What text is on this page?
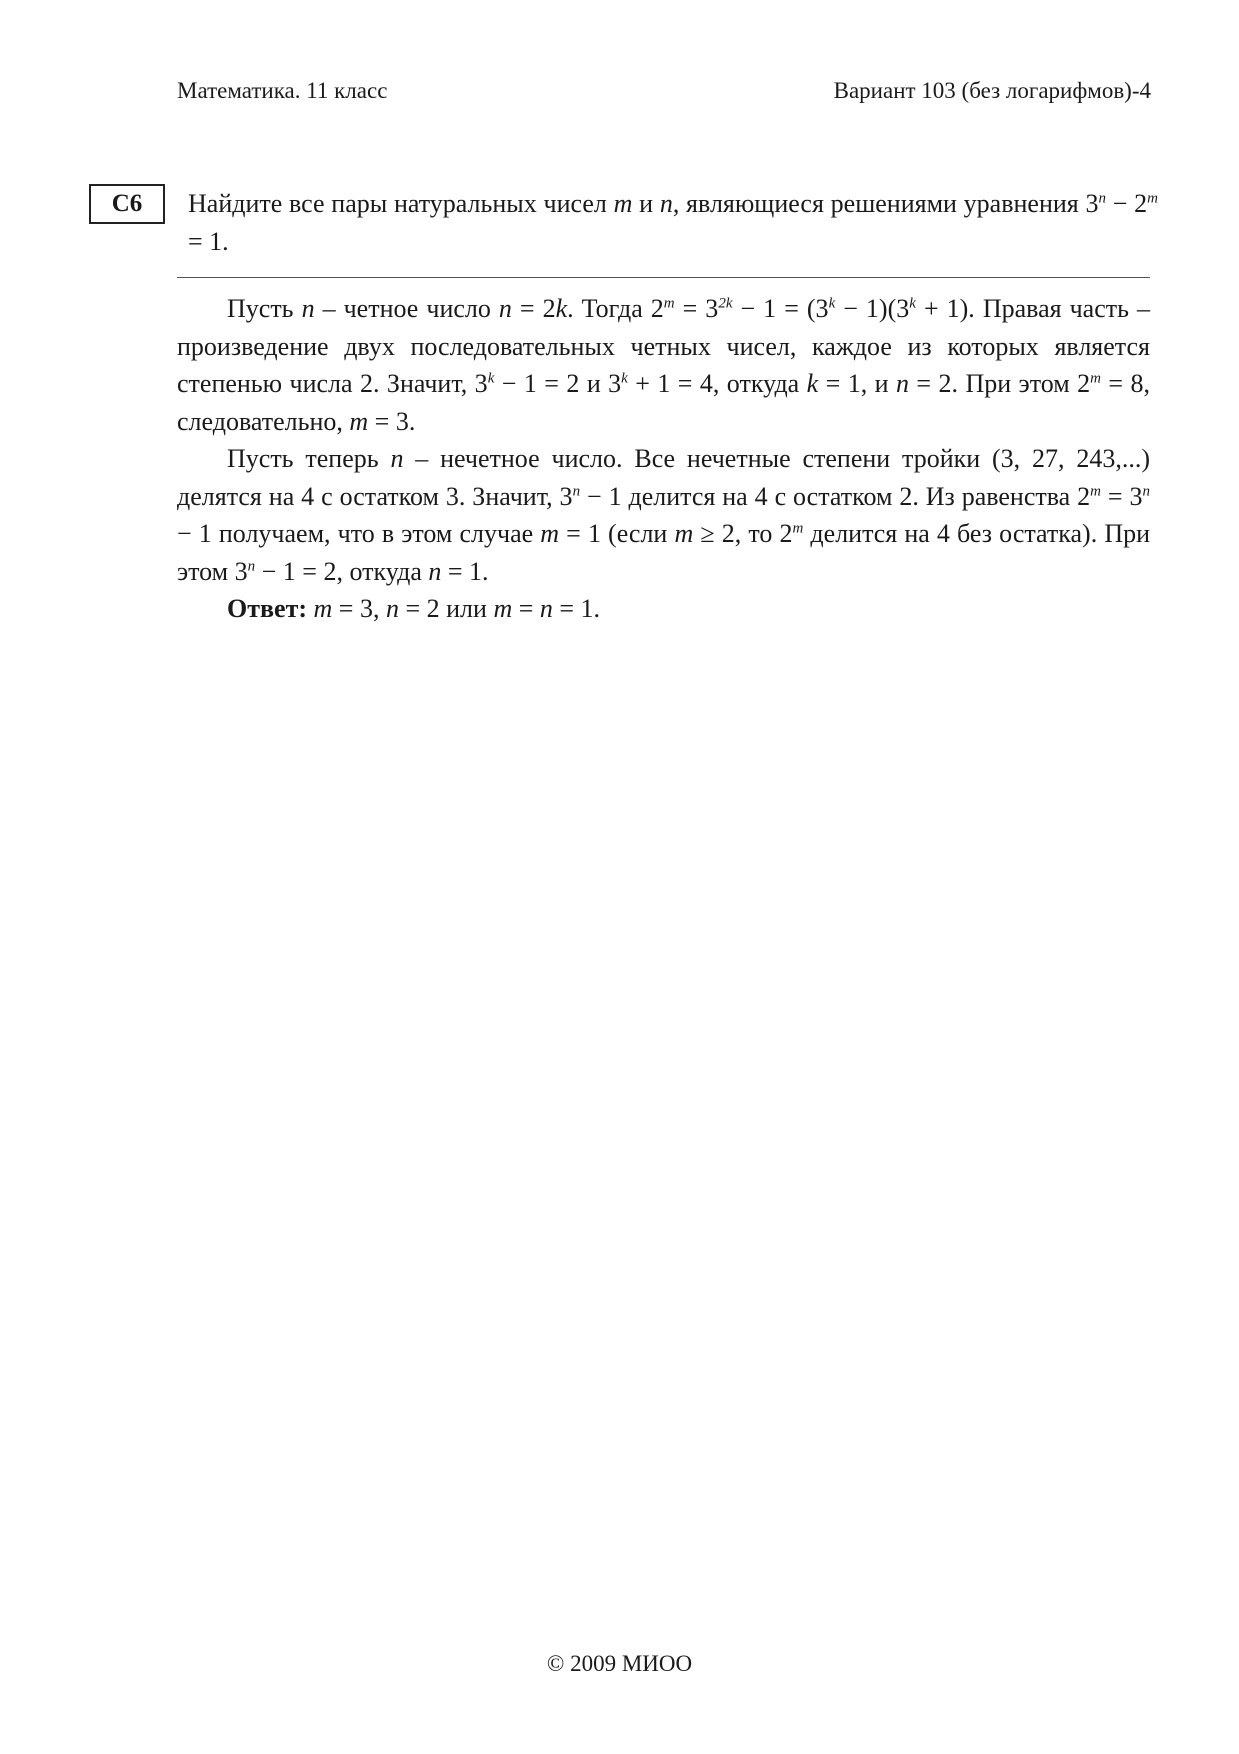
Математика. 11 класс	Вариант 103 (без логарифмов)-4
C6	Найдите все пары натуральных чисел m и n, являющиеся решениями уравнения $3^n - 2^m = 1$.

Пусть n – четное число n = 2k. Тогда $2^m = 3^{2k} - 1 = (3^k - 1)(3^k + 1)$. Правая часть – произведение двух последовательных четных чисел, каждое из которых является степенью числа 2. Значит, $3^k - 1 = 2$ и $3^k + 1 = 4$, откуда k = 1, и n = 2. При этом $2^m = 8$, следовательно, m = 3.

Пусть теперь n – нечетное число. Все нечетные степени тройки (3, 27, 243,...) делятся на 4 с остатком 3. Значит, $3^n - 1$ делится на 4 с остатком 2. Из равенства $2^m = 3^n - 1$ получаем, что в этом случае m = 1 (если m ≥ 2, то 2$^m$ делится на 4 без остатка). При этом $3^n - 1 = 2$, откуда n = 1.

Ответ: m = 3, n = 2 или m = n = 1.

© 2009 МИОО
